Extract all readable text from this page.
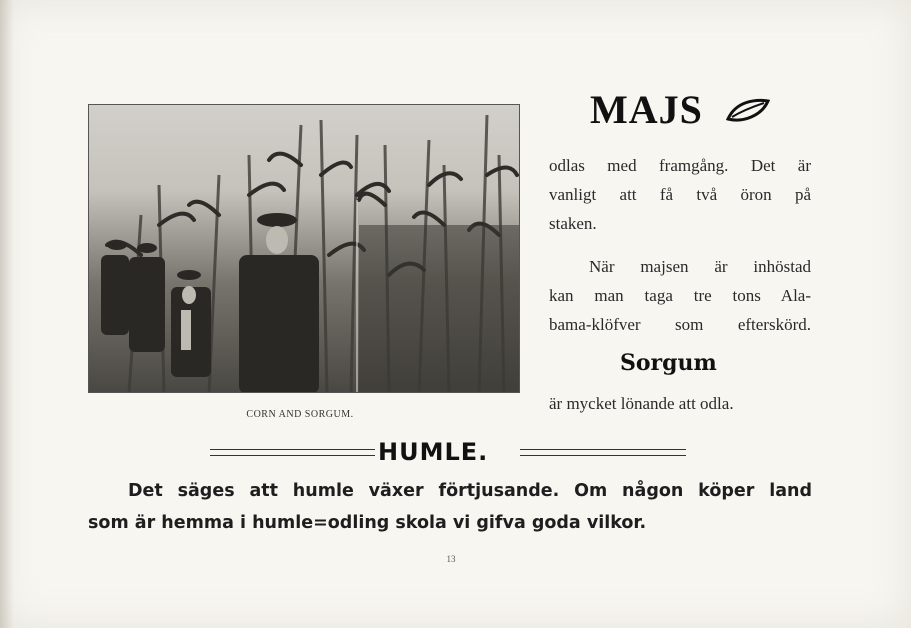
CORN AND SORGUM.
MAJS
odlas med framgång. Det är
vanligt att få två öron på
staken.
När majsen är inhöstad
kan man taga tre tons Ala-
bama-klöfver som efterskörd.
Sorgum
är mycket lönande att odla.
HUMLE.
Det säges att humle växer förtjusande. Om någon köper land
som är hemma i humle=odling skola vi gifva goda vilkor.
13
